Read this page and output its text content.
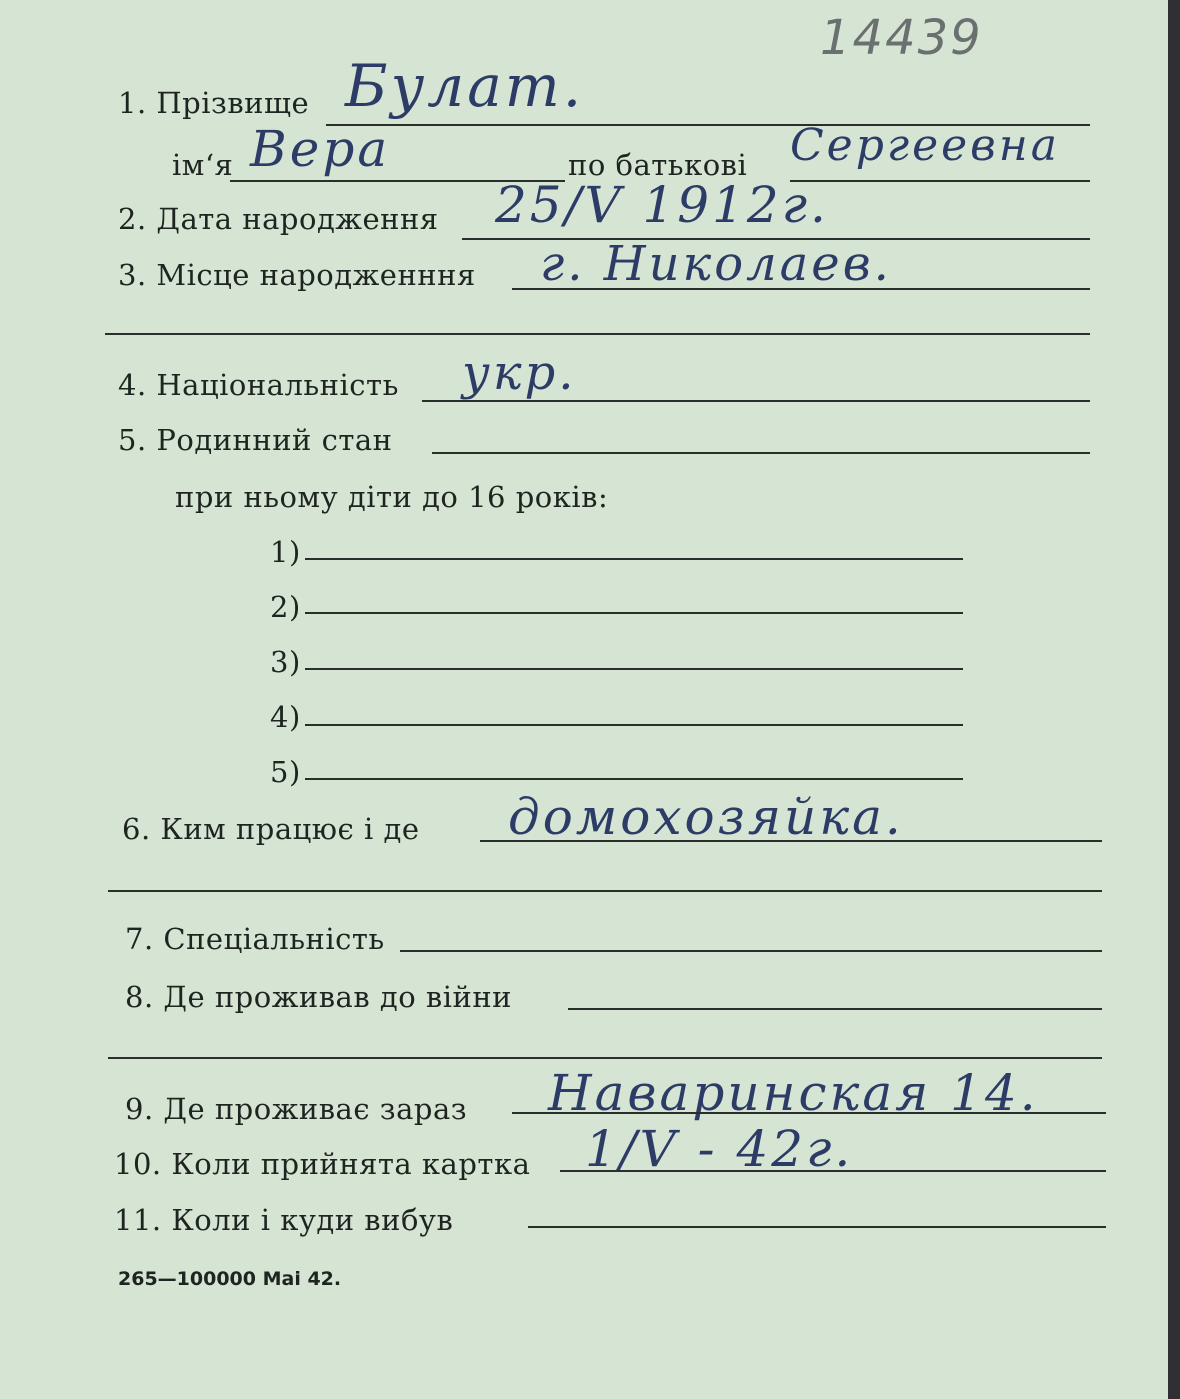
14439
1. Прізвище Булат.
ім‘я Вера	по батькові Сергеевна
2. Дата народження 25/V 1912г.
3. Місце народженння г. Николаев.
4. Національність укр.
5. Родинний стан
при ньому діти до 16 років:
1)
2)
3)
4)
5)
6. Ким працює і де домохозяйка.
7. Спеціальність
8. Де проживав до війни
9. Де проживає зараз Наваринская 14.
10. Коли прийнята картка 1/V - 42г.
11. Коли і куди вибув
265—100000 Mai 42.
